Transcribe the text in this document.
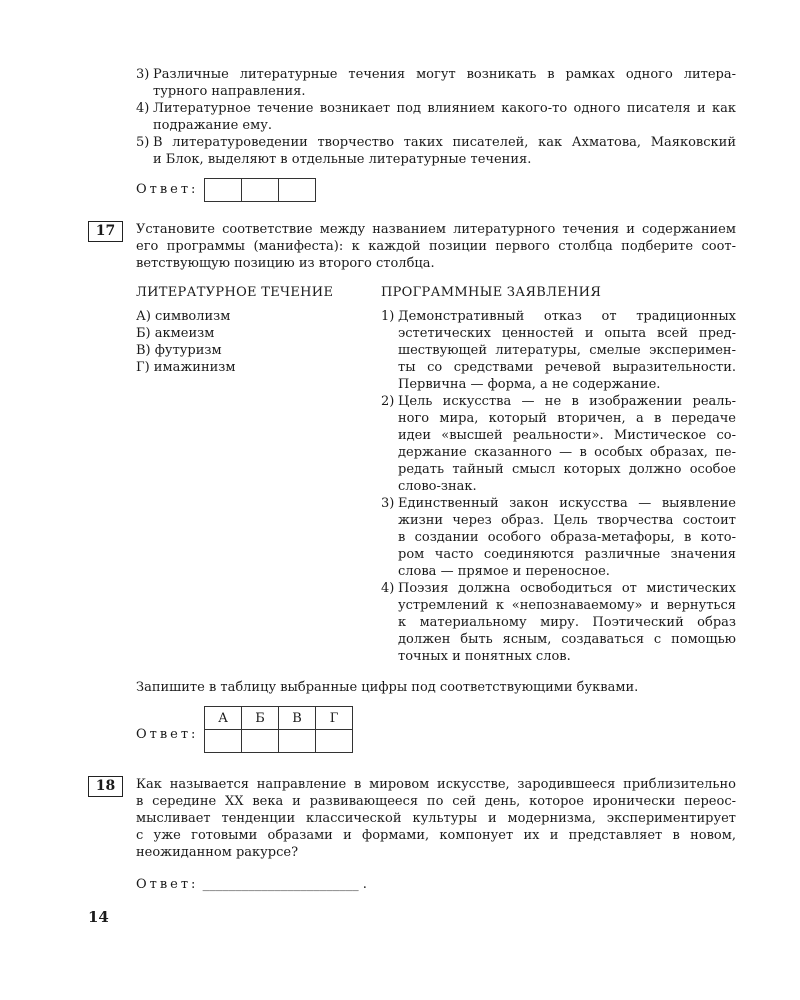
3) Различные литературные течения могут возникать в рамках одного литера-
турного направления.
4) Литературное течение возникает под влиянием какого-то одного писателя и как
подражание ему.
5) В литературоведении творчество таких писателей, как Ахматова, Маяковский
и Блок, выделяют в отдельные литературные течения.
Ответ:

17	Установите соответствие между названием литературного течения и содержанием
его программы (манифеста): к каждой позиции первого столбца подберите соот-
ветствующую позицию из второго столбца.
ЛИТЕРАТУРНОЕ ТЕЧЕНИЕ	ПРОГРАММНЫЕ ЗАЯВЛЕНИЯ
А) символизм
Б) акмеизм
В) футуризм
Г) имажинизм
1) Демонстративный отказ от традиционных
эстетических ценностей и опыта всей пред-
шествующей литературы, смелые эксперимен-
ты со средствами речевой выразительности.
Первична — форма, а не содержание.
2) Цель искусства — не в изображении реаль-
ного мира, который вторичен, а в передаче
идеи «высшей реальности». Мистическое со-
держание сказанного — в особых образах, пе-
редать тайный смысл которых должно особое
слово-знак.
3) Единственный закон искусства — выявление
жизни через образ. Цель творчества состоит
в создании особого образа-метафоры, в кото-
ром часто соединяются различные значения
слова — прямое и переносное.
4) Поэзия должна освободиться от мистических
устремлений к «непознаваемому» и вернуться
к материальному миру. Поэтический образ
должен быть ясным, создаваться с помощью
точных и понятных слов.
Запишите в таблицу выбранные цифры под соответствующими буквами.
Ответ:
А	Б	В	Г

18	Как называется направление в мировом искусстве, зародившееся приблизительно
в середине XX века и развивающееся по сей день, которое иронически переос-
мысливает тенденции классической культуры и модернизма, экспериментирует
с уже готовыми образами и формами, компонует их и представляет в новом,
неожиданном ракурсе?
Ответ: ________________________ .
14
